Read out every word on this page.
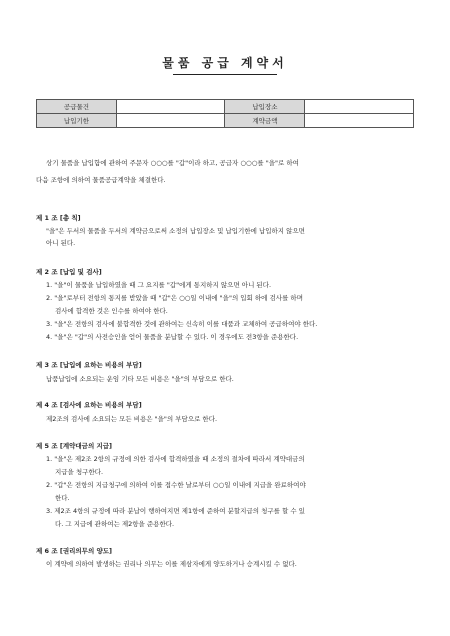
물품 공급 계약서
공급물건		납입장소	
납입기한		계약금액	
상기 물품을 납입함에 관하여 주문자 ○○○를 "갑"이라 하고, 공급자 ○○○를 "을"로 하여
다음 조항에 의하여 물품공급계약을 체결한다.
제 1 조 [총 칙]
"을"은 두서의 물품을 두서의 계약금으로써 소정의 납입장소 및 납입기한에 납입하지 않으면
아니 된다.
제 2 조 [납입 및 검사]
1. "을"이 물품을 납입하였을 때 그 요지를 "갑"에게 통지하지 않으면 아니 된다.
2. "을"로부터 전항의 통지를 받았을 때 "갑"은 ○○일 이내에 "을"의 입회 하에 검사를 하며
검사에 합격한 것은 인수를 하여야 한다.
3. "을"은 전항의 검사에 불합격한 것에 관하여는 신속히 이를 대품과 교체하여 공급하여야 한다.
4. "을"은 "갑"의 사전승인을 얻어 물품을 분납할 수 있다. 이 경우에도 전3항을 준용한다.
제 3 조 [납입에 요하는 비용의 부담]
납품납입에 소요되는 운임 기타 모든 비용은 "을"의 부담으로 한다.
제 4 조 [검사에 요하는 비용의 부담]
제2조의 검사에 소요되는 모든 비용은 "을"의 부담으로 한다.
제 5 조 [계약대금의 지급]
1. "을"은 제2조 2항의 규정에 의한 검사에 합격하였을 때 소정의 절차에 따라서 계약대금의
지급을 청구한다.
2. "갑"은 전항의 지급청구에 의하여 이를 접수한 날로부터 ○○일 이내에 지급을 완료하여야
한다.
3. 제2조 4항의 규정에 따라 분납이 행하여지면 제1항에 준하여 분할지급의 청구를 할 수 있
다. 그 지급에 관하여는 제2항을 준용한다.
제 6 조 [권리의무의 양도]
이 계약에 의하여 발생하는 권리나 의무는 이를 제삼자에게 양도하거나 승계시킬 수 없다.
